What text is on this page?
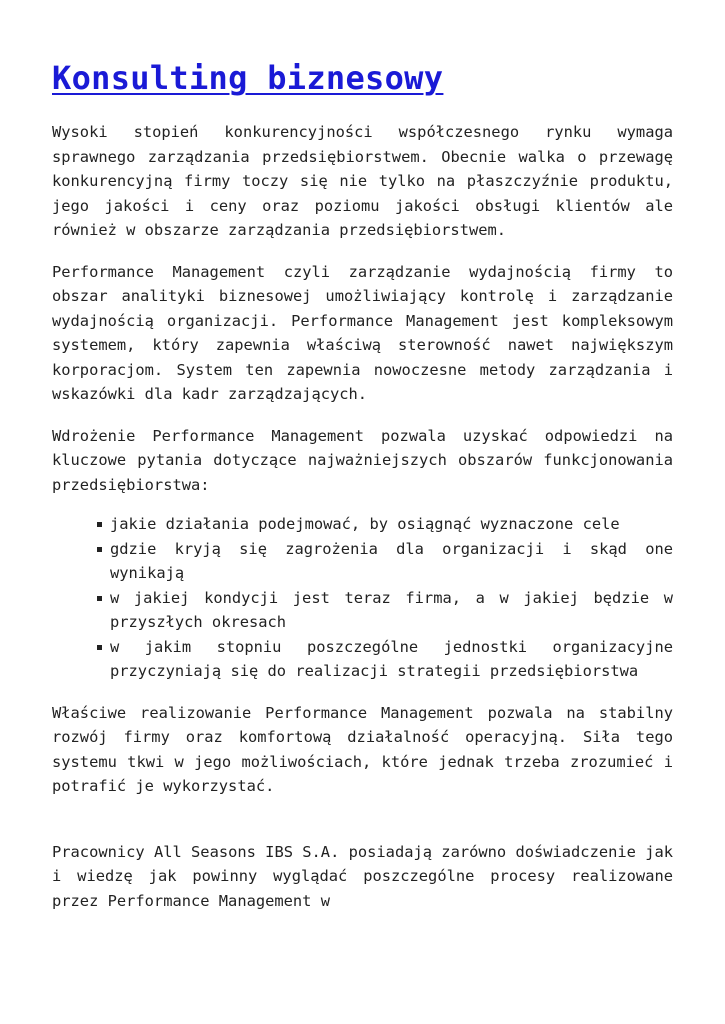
Konsulting biznesowy

Wysoki stopień konkurencyjności współczesnego rynku wymaga sprawnego zarządzania przedsiębiorstwem. Obecnie walka o przewagę konkurencyjną firmy toczy się nie tylko na płaszczyźnie produktu, jego jakości i ceny oraz poziomu jakości obsługi klientów ale również w obszarze zarządzania przedsiębiorstwem.

Performance Management czyli zarządzanie wydajnością firmy to obszar analityki biznesowej umożliwiający kontrolę i zarządzanie wydajnością organizacji. Performance Management jest kompleksowym systemem, który zapewnia właściwą sterowność nawet największym korporacjom. System ten zapewnia nowoczesne metody zarządzania i wskazówki dla kadr zarządzających.

Wdrożenie Performance Management pozwala uzyskać odpowiedzi na kluczowe pytania dotyczące najważniejszych obszarów funkcjonowania przedsiębiorstwa:

jakie działania podejmować, by osiągnąć wyznaczone cele
gdzie kryją się zagrożenia dla organizacji i skąd one wynikają
w jakiej kondycji jest teraz firma, a w jakiej będzie w przyszłych okresach
w jakim stopniu poszczególne jednostki organizacyjne przyczyniają się do realizacji strategii przedsiębiorstwa

Właściwe realizowanie Performance Management pozwala na stabilny rozwój firmy oraz komfortową działalność operacyjną. Siła tego systemu tkwi w jego możliwościach, które jednak trzeba zrozumieć i potrafić je wykorzystać.

Pracownicy All Seasons IBS S.A. posiadają zarówno doświadczenie jak i wiedzę jak powinny wyglądać poszczególne procesy realizowane przez Performance Management w
